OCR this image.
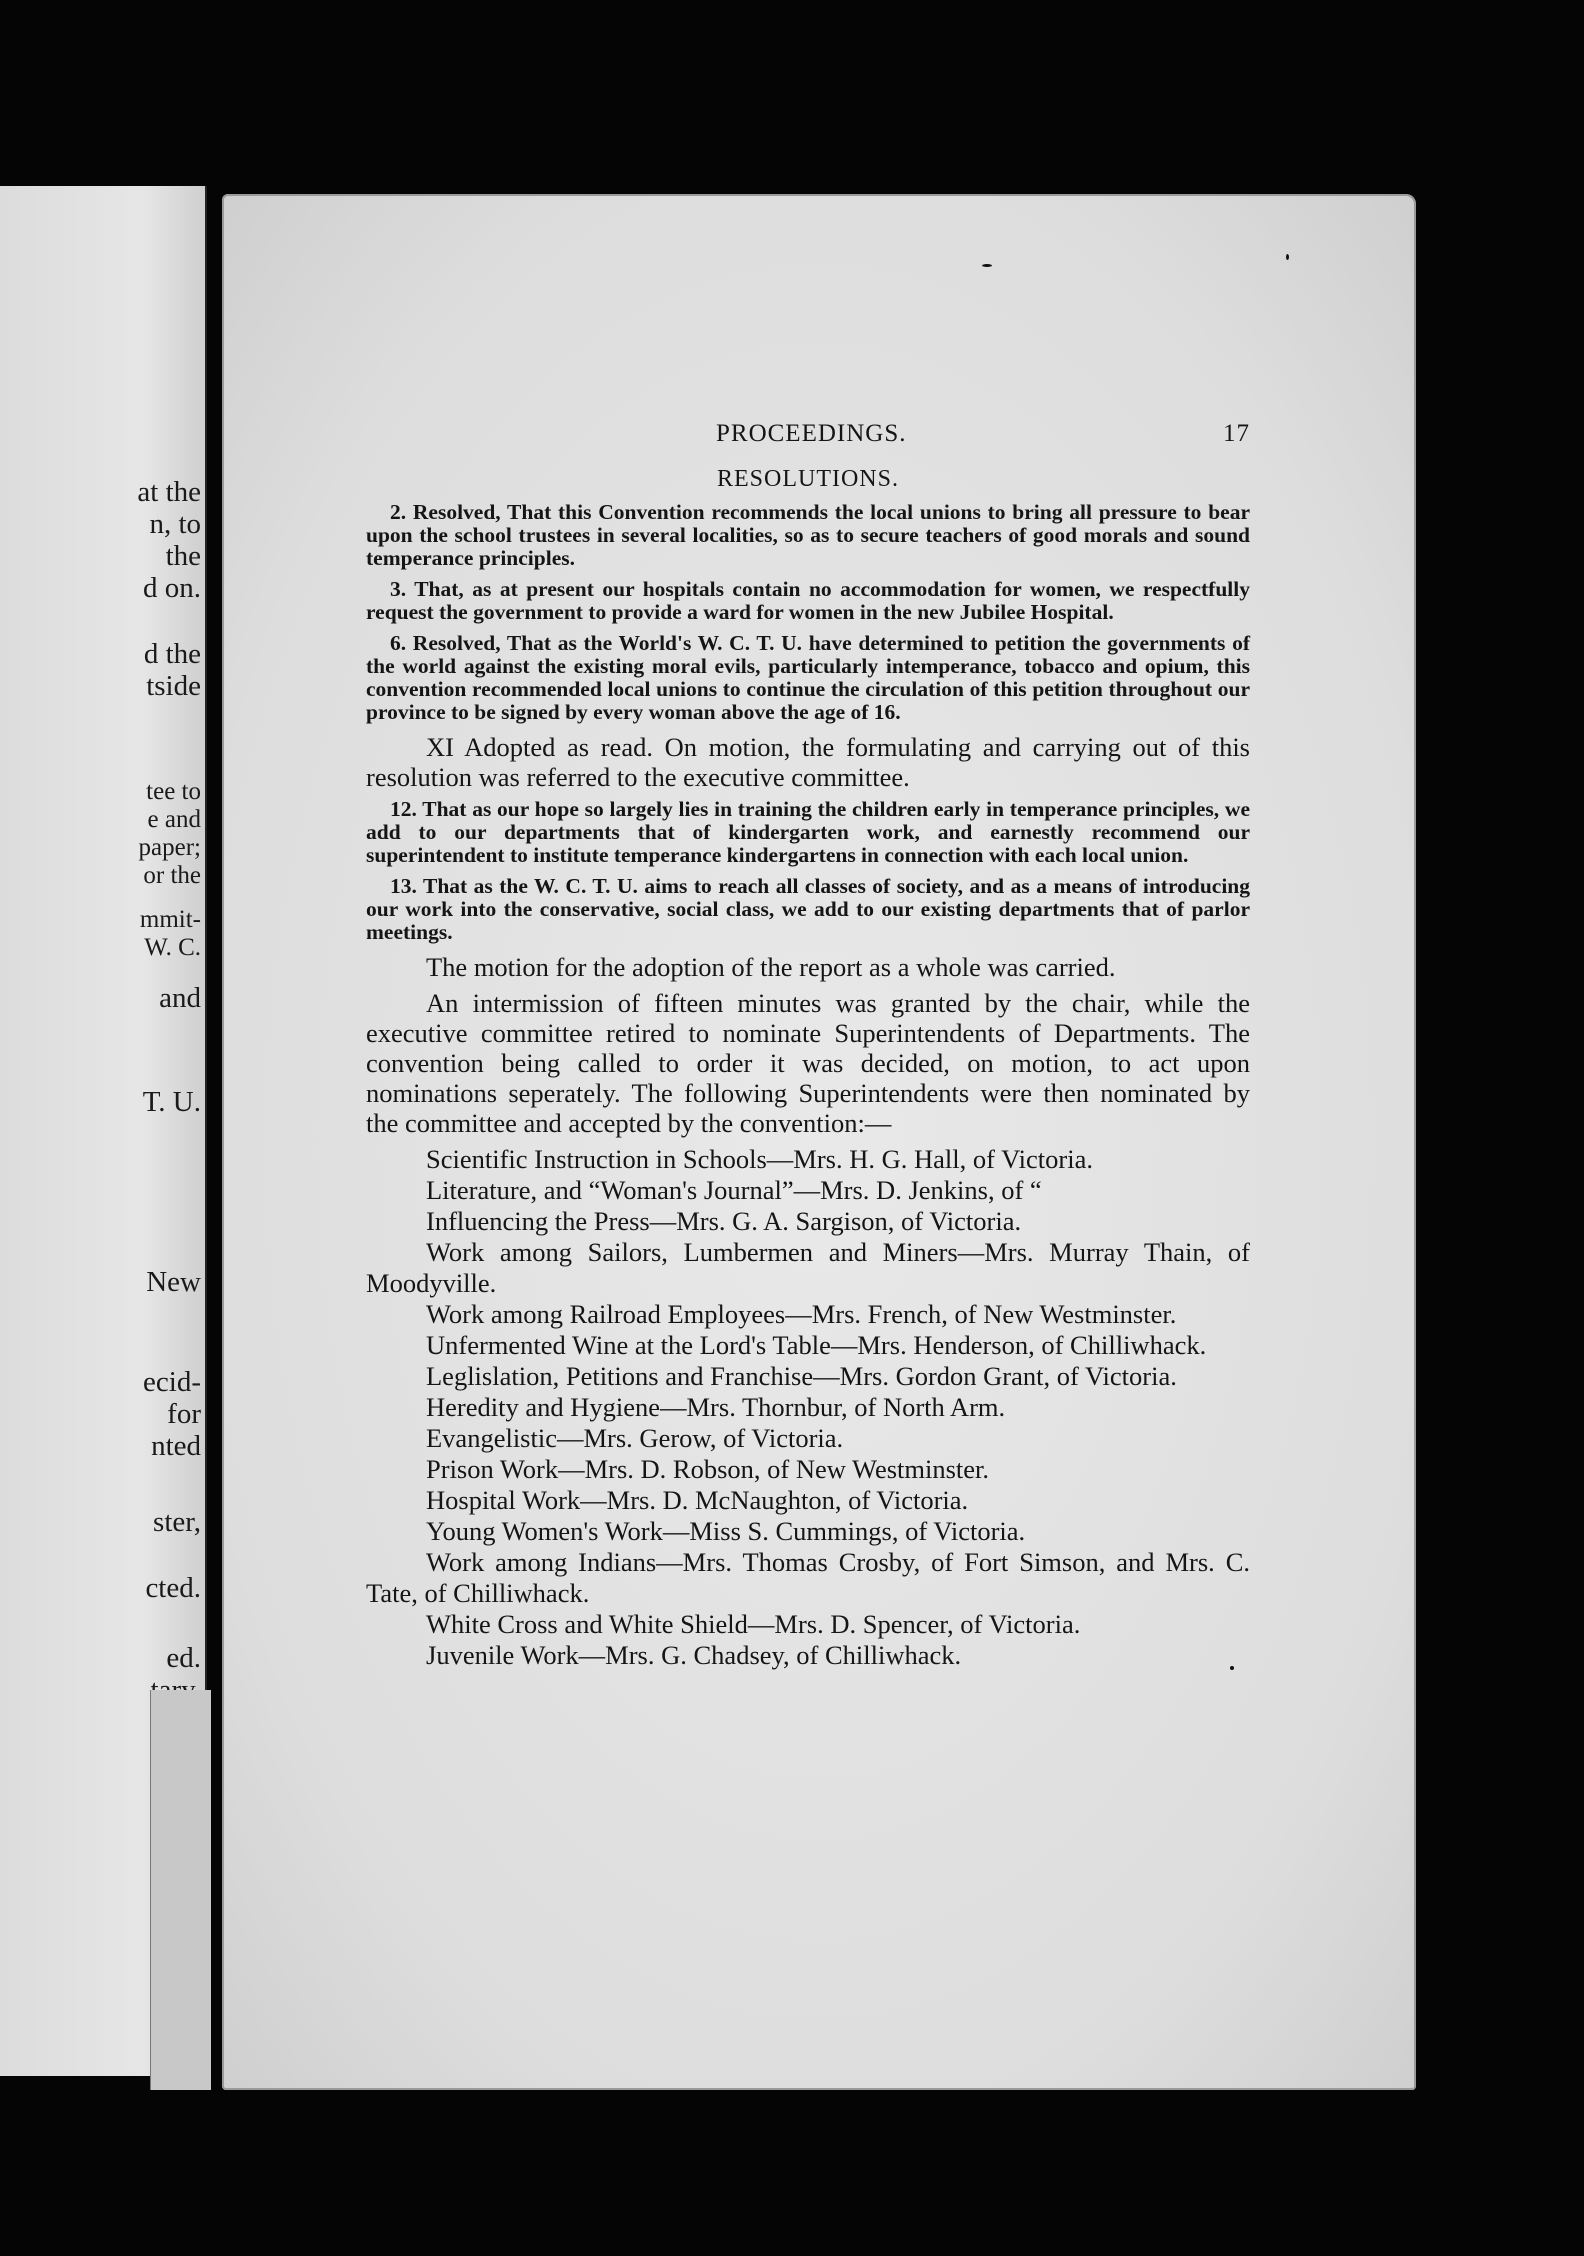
at the
n, to
the
d on.
d the
tside
tee to
e and
paper;
or the
mmit-
W. C.
and
T. U.
New
ecid-
for
nted
ster,
cted.
ed.
PROCEEDINGS.	17
RESOLUTIONS.

2. Resolved, That this Convention recommends the local unions to bring all pressure to bear upon the school trustees in several localities, so as to secure teachers of good morals and sound temperance principles.

3. That, as at present our hospitals contain no accommodation for women, we respectfully request the government to provide a ward for women in the new Jubilee Hospital.

6. Resolved, That as the World's W. C. T. U. have determined to petition the governments of the world against the existing moral evils, particularly intemperance, tobacco and opium, this convention recommended local unions to continue the circulation of this petition throughout our province to be signed by every woman above the age of 16.

XI Adopted as read. On motion, the formulating and carrying out of this resolution was referred to the executive committee.

12. That as our hope so largely lies in training the children early in temperance principles, we add to our departments that of kindergarten work, and earnestly recommend our superintendent to institute temperance kindergartens in connection with each local union.

13. That as the W. C. T. U. aims to reach all classes of society, and as a means of introducing our work into the conservative, social class, we add to our existing departments that of parlor meetings.

The motion for the adoption of the report as a whole was carried.

An intermission of fifteen minutes was granted by the chair, while the executive committee retired to nominate Superintendents of Departments. The convention being called to order it was decided, on motion, to act upon nominations seperately. The following Superintendents were then nominated by the committee and accepted by the convention:—

Scientific Instruction in Schools—Mrs. H. G. Hall, of Victoria.

Literature, and “Woman's Journal”—Mrs. D. Jenkins, of “

Influencing the Press—Mrs. G. A. Sargison, of Victoria.

Work among Sailors, Lumbermen and Miners—Mrs. Murray Thain, of Moodyville.

Work among Railroad Employees—Mrs. French, of New Westminster.

Unfermented Wine at the Lord's Table—Mrs. Henderson, of Chilliwhack.

Leglislation, Petitions and Franchise—Mrs. Gordon Grant, of Victoria.

Heredity and Hygiene—Mrs. Thornbur, of North Arm.

Evangelistic—Mrs. Gerow, of Victoria.

Prison Work—Mrs. D. Robson, of New Westminster.

Hospital Work—Mrs. D. McNaughton, of Victoria.

Young Women's Work—Miss S. Cummings, of Victoria.

Work among Indians—Mrs. Thomas Crosby, of Fort Simson, and Mrs. C. Tate, of Chilliwhack.

White Cross and White Shield—Mrs. D. Spencer, of Victoria.

Juvenile Work—Mrs. G. Chadsey, of Chilliwhack.
